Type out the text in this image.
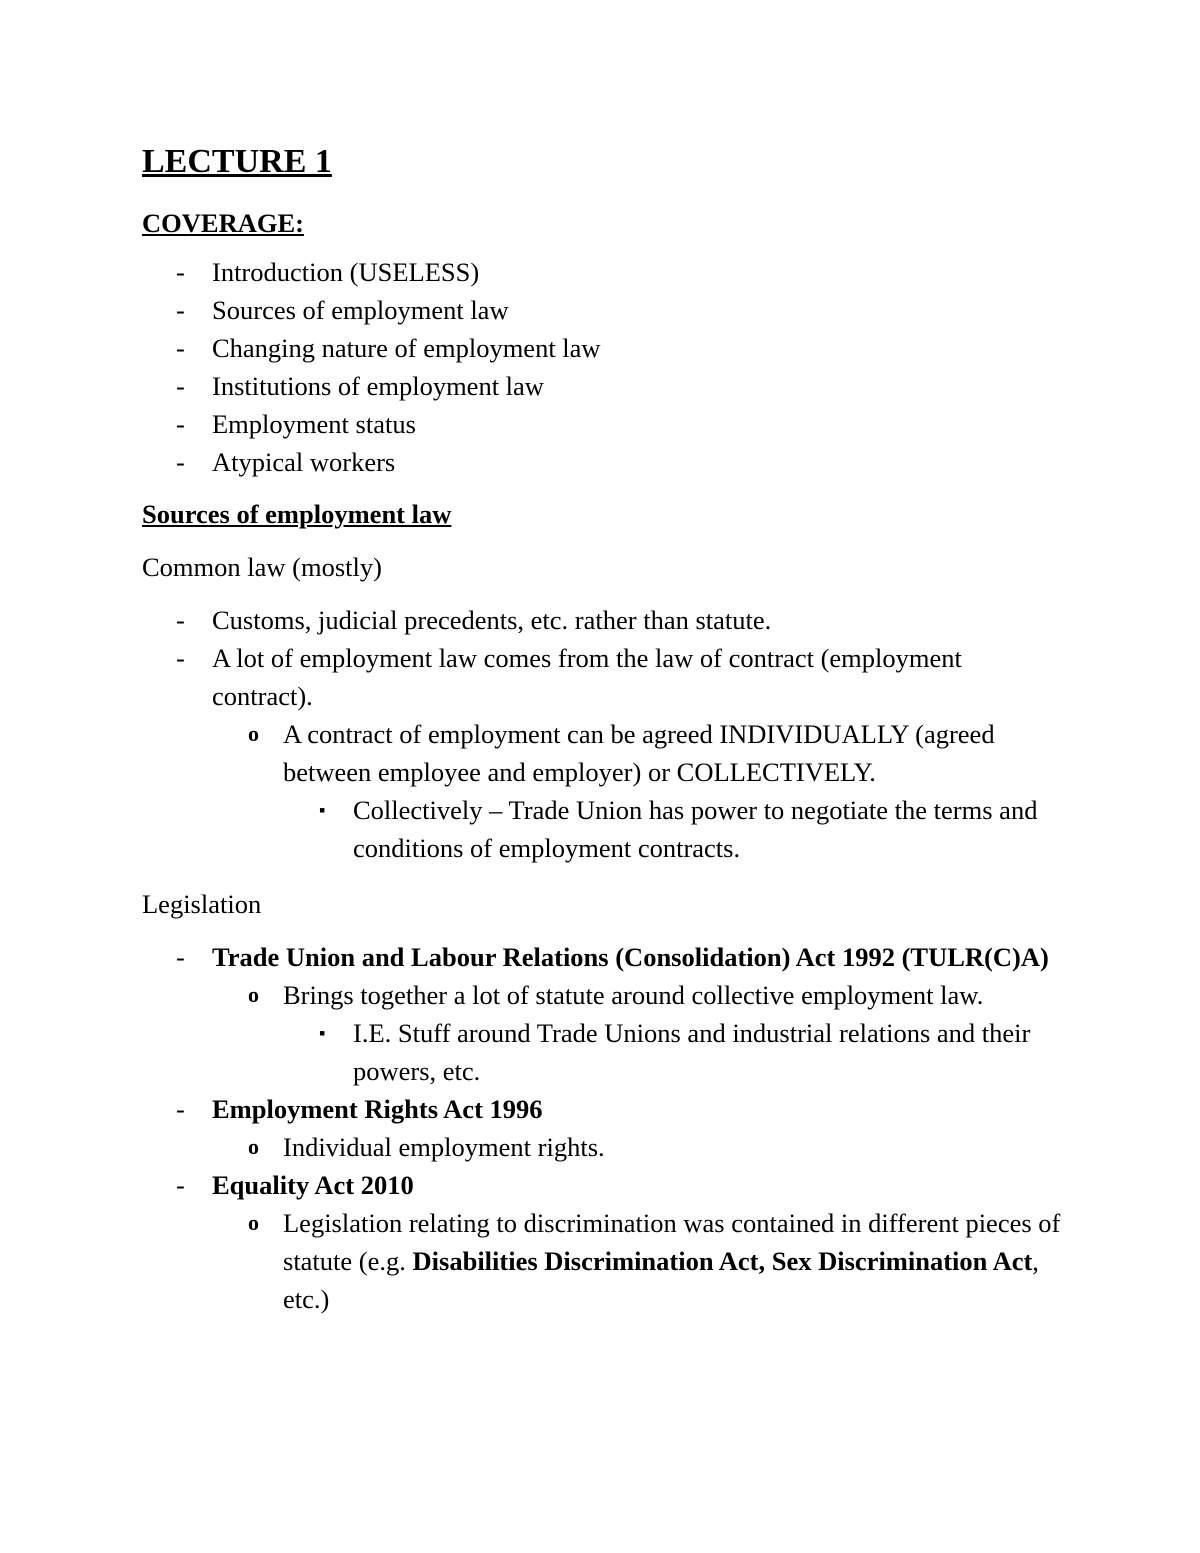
LECTURE 1
COVERAGE:
- Introduction (USELESS)
- Sources of employment law
- Changing nature of employment law
- Institutions of employment law
- Employment status
- Atypical workers
Sources of employment law
Common law (mostly)
- Customs, judicial precedents, etc. rather than statute.
- A lot of employment law comes from the law of contract (employment contract).
o A contract of employment can be agreed INDIVIDUALLY (agreed between employee and employer) or COLLECTIVELY.
▪ Collectively – Trade Union has power to negotiate the terms and conditions of employment contracts.
Legislation
- Trade Union and Labour Relations (Consolidation) Act 1992 (TULR(C)A)
o Brings together a lot of statute around collective employment law.
▪ I.E. Stuff around Trade Unions and industrial relations and their powers, etc.
- Employment Rights Act 1996
o Individual employment rights.
- Equality Act 2010
o Legislation relating to discrimination was contained in different pieces of statute (e.g. Disabilities Discrimination Act, Sex Discrimination Act, etc.)
